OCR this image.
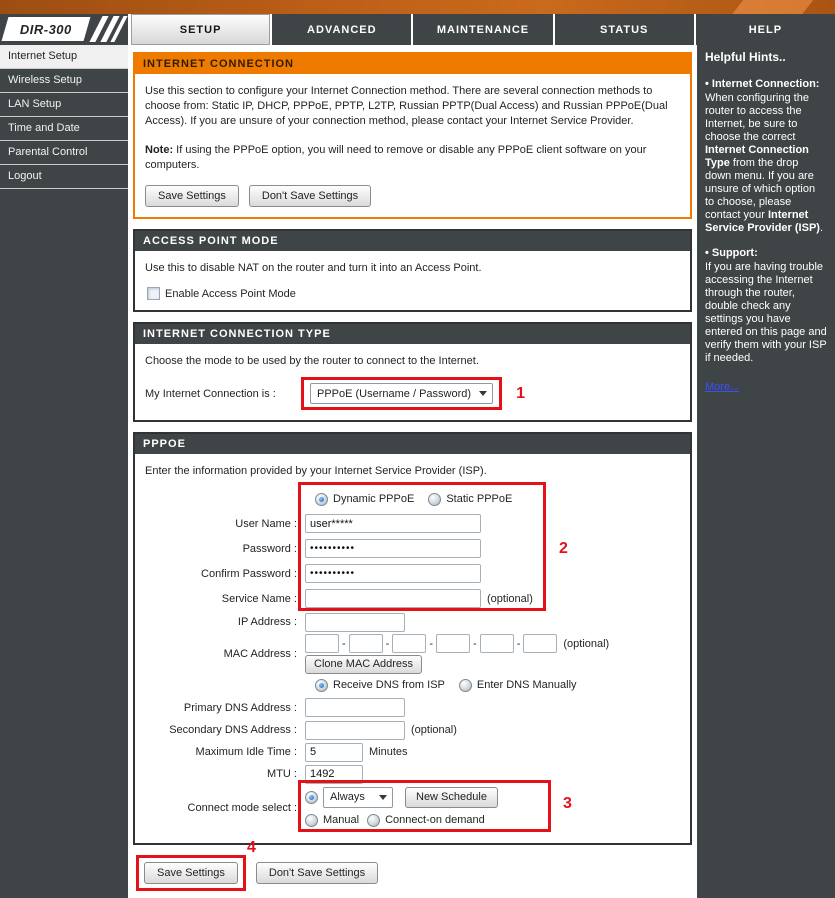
DIR-300	SETUP	ADVANCED	MAINTENANCE	STATUS	HELP
Internet Setup
Wireless Setup
LAN Setup
Time and Date
Parental Control
Logout
Helpful Hints..
• Internet Connection:
When configuring the router to access the Internet, be sure to choose the correct Internet Connection Type from the drop down menu. If you are unsure of which option to choose, please contact your Internet Service Provider (ISP).
• Support:
If you are having trouble accessing the Internet through the router, double check any settings you have entered on this page and verify them with your ISP if needed.
More...
INTERNET CONNECTION
Use this section to configure your Internet Connection method. There are several connection methods to choose from: Static IP, DHCP, PPPoE, PPTP, L2TP, Russian PPTP(Dual Access) and Russian PPPoE(Dual Access). If you are unsure of your connection method, please contact your Internet Service Provider.
Note: If using the PPPoE option, you will need to remove or disable any PPPoE client software on your computers.
Save Settings	Don't Save Settings
ACCESS POINT MODE
Use this to disable NAT on the router and turn it into an Access Point.
Enable Access Point Mode
INTERNET CONNECTION TYPE
Choose the mode to be used by the router to connect to the Internet.
My Internet Connection is :	PPPoE (Username / Password)	1
PPPOE
Enter the information provided by your Internet Service Provider (ISP).
Dynamic PPPoE	Static PPPoE
User Name :
user*****
Password :
••••••••••
Confirm Password :
••••••••••
Service Name :	(optional)
IP Address :
MAC Address :
-	-	-	-	-	(optional)
Clone MAC Address
Receive DNS from ISP	Enter DNS Manually
Primary DNS Address :
Secondary DNS Address :	(optional)
Maximum Idle Time :
5	Minutes
MTU :
1492
Connect mode select :
Always	New Schedule
Manual Connect-on demand
2
3
4
Save Settings	Don't Save Settings
